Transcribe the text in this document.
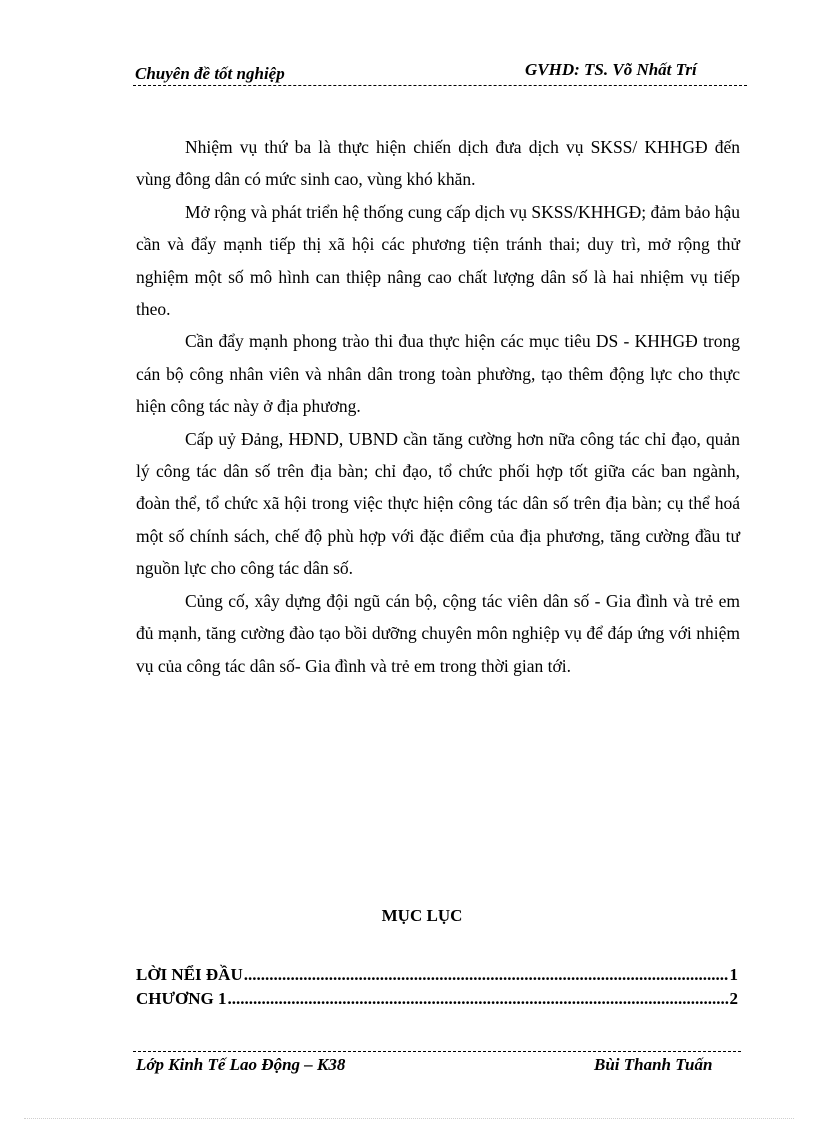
Chuyên đề tốt nghiệp	GVHD: TS. Võ Nhất Trí

Nhiệm vụ thứ ba là thực hiện chiến dịch đưa dịch vụ SKSS/ KHHGĐ đến vùng đông dân có mức sinh cao, vùng khó khăn.

Mở rộng và phát triển hệ thống cung cấp dịch vụ SKSS/KHHGĐ; đảm bảo hậu cần và đẩy mạnh tiếp thị xã hội các phương tiện tránh thai; duy trì, mở rộng thử nghiệm một số mô hình can thiệp nâng cao chất lượng dân số là hai nhiệm vụ tiếp theo.

Cần đẩy mạnh phong trào thi đua thực hiện các mục tiêu DS - KHHGĐ trong cán bộ công nhân viên và nhân dân trong toàn phường, tạo thêm động lực cho thực hiện công tác này ở địa phương.

Cấp uỷ Đảng, HĐND, UBND cần tăng cường hơn nữa công tác chỉ đạo, quản lý công tác dân số trên địa bàn; chỉ đạo, tổ chức phối hợp tốt giữa các ban ngành, đoàn thể, tổ chức xã hội trong việc thực hiện công tác dân số trên địa bàn; cụ thể hoá một số chính sách, chế độ phù hợp với đặc điểm của địa phương, tăng cường đầu tư nguồn lực cho công tác dân số.

Củng cố, xây dựng đội ngũ cán bộ, cộng tác viên dân số - Gia đình và trẻ em đủ mạnh, tăng cường đào tạo bồi dưỡng chuyên môn nghiệp vụ để đáp ứng với nhiệm vụ của công tác dân số- Gia đình và trẻ em trong thời gian tới.

MỤC LỤC
LỜI NỂI ĐẦU .....	1
CHƯƠNG 1 .....	2
Lớp Kinh Tế Lao Động – K38	Bùi Thanh Tuấn
